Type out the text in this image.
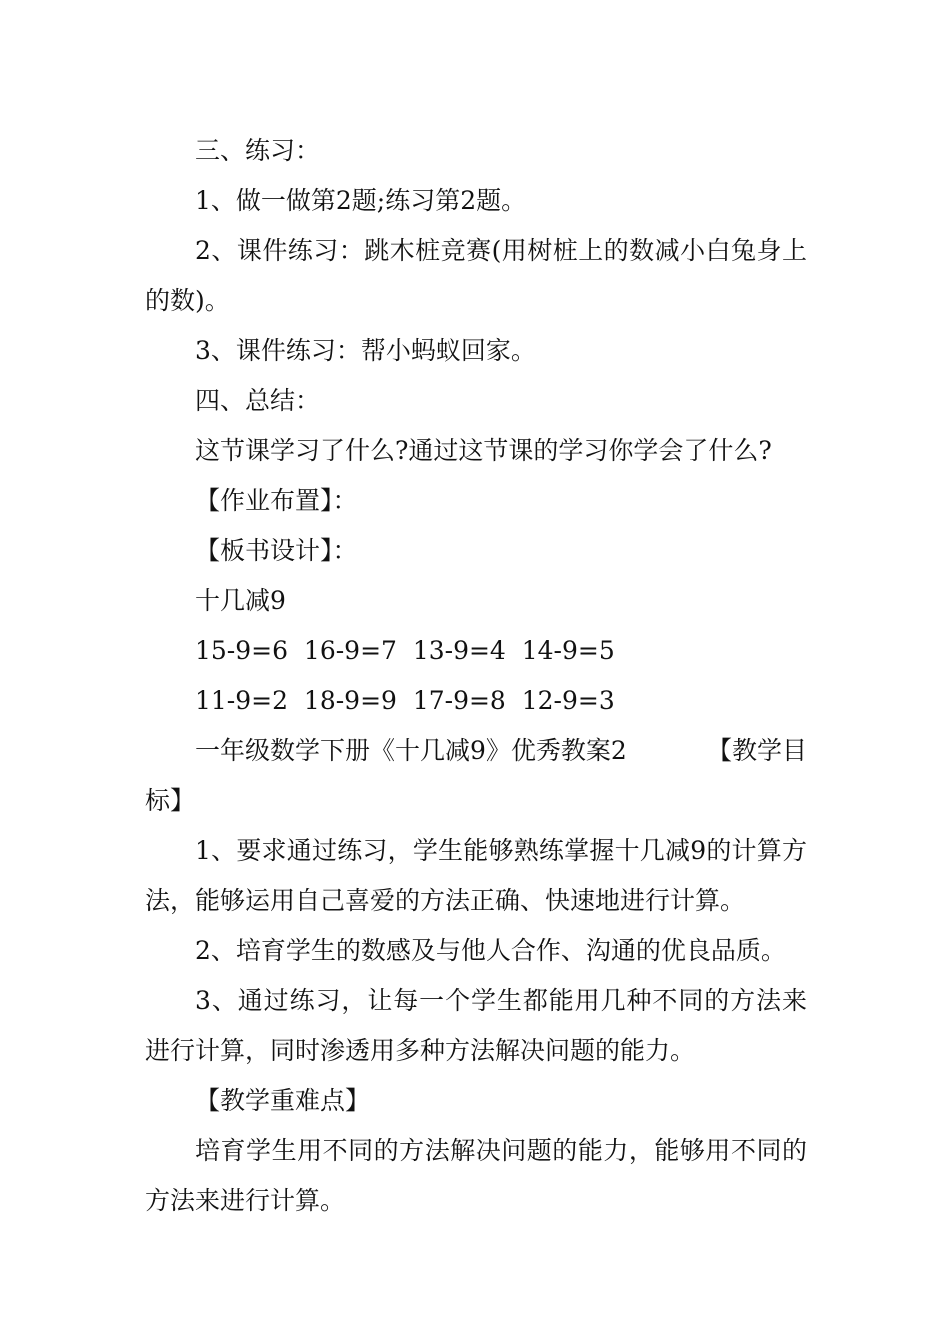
三、练习：

1、做一做第2题;练习第2题。

2、课件练习：跳木桩竞赛(用树桩上的数减小白兔身上的数)。

3、课件练习：帮小蚂蚁回家。

四、总结：

这节课学习了什么?通过这节课的学习你学会了什么?

【作业布置】：

【板书设计】：

十几减9

15-9=6  16-9=7  13-9=4  14-9=5

11-9=2  18-9=9  17-9=8  12-9=3

一年级数学下册《十几减9》优秀教案2	【教学目

标】

1、要求通过练习，学生能够熟练掌握十几减9的计算方法，能够运用自己喜爱的方法正确、快速地进行计算。

2、培育学生的数感及与他人合作、沟通的优良品质。

3、通过练习，让每一个学生都能用几种不同的方法来进行计算，同时渗透用多种方法解决问题的能力。

【教学重难点】

培育学生用不同的方法解决问题的能力，能够用不同的方法来进行计算。
